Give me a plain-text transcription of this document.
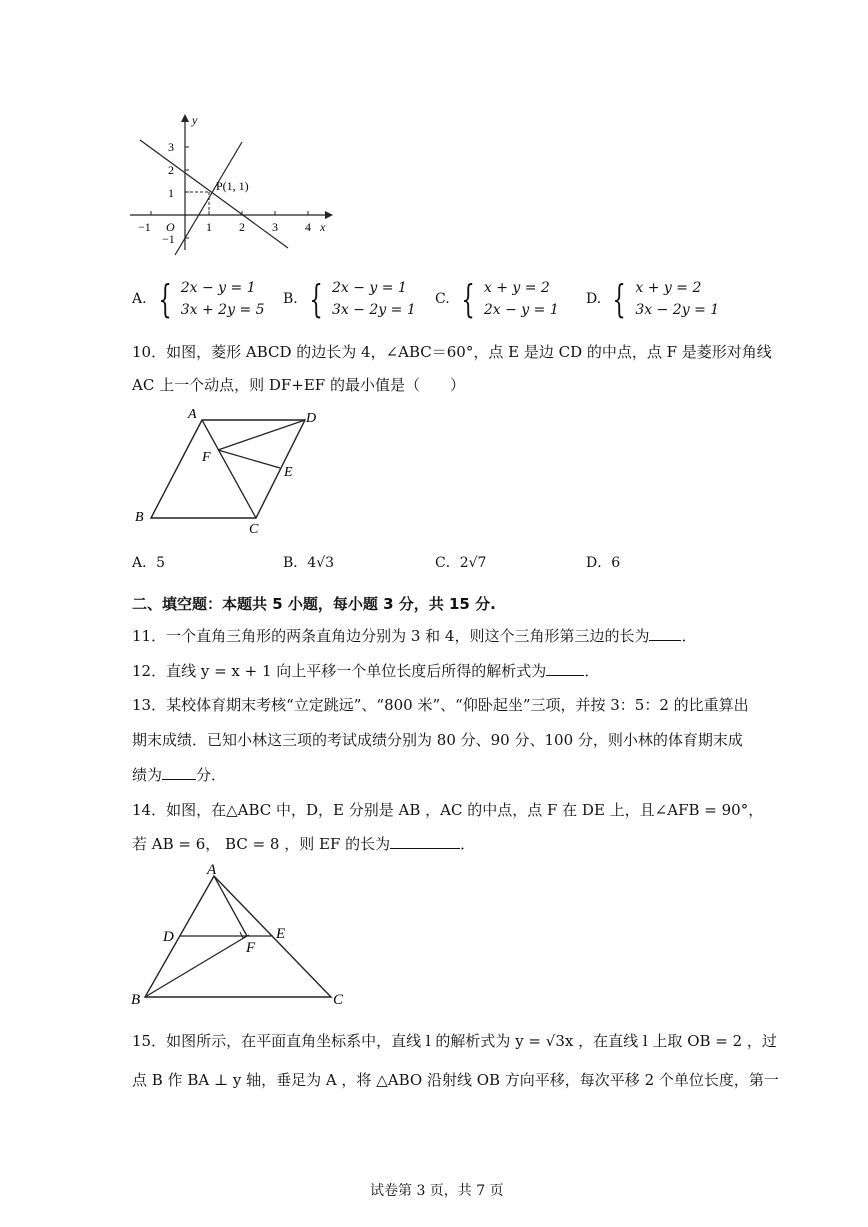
y
x
O
−1	1 2 3 4
3
2
1
−1
P(1, 1)
A. { 2x − y = 1
3x + 2y = 5
B. { 2x − y = 1
3x − 2y = 1
C. { x + y = 2
2x − y = 1
D. { x + y = 2
3x − 2y = 1
10．如图，菱形 ABCD 的边长为 4，∠ABC＝60°，点 E 是边 CD 的中点，点 F 是菱形对角线
AC 上一个动点，则 DF+EF 的最小值是（　　）
A	D
F
E
B
C
A．5	B．4√3	C．2√7	D．6
二、填空题：本题共 5 小题，每小题 3 分，共 15 分.
11．一个直角三角形的两条直角边分别为 3 和 4，则这个三角形第三边的长为 ．
12．直线 y = x + 1 向上平移一个单位长度后所得的解析式为	．
13．某校体育期末考核“立定跳远”、“800 米”、“仰卧起坐”三项，并按 3：5：2 的比重算出
期末成绩．已知小林这三项的考试成绩分别为 80 分、90 分、100 分，则小林的体育期末成
绩为 分．
14．如图，在△ABC 中，D，E 分别是 AB ，AC 的中点，点 F 在 DE 上，且∠AFB = 90°，
若 AB = 6， BC = 8 ，则 EF 的长为	．
A
D	E
F
B	C
15．如图所示，在平面直角坐标系中，直线 l 的解析式为 y = √3x ，在直线 l 上取 OB = 2 ，过
点 B 作 BA ⊥ y 轴，垂足为 A ，将 △ABO 沿射线 OB 方向平移，每次平移 2 个单位长度，第一
试卷第 3 页，共 7 页
